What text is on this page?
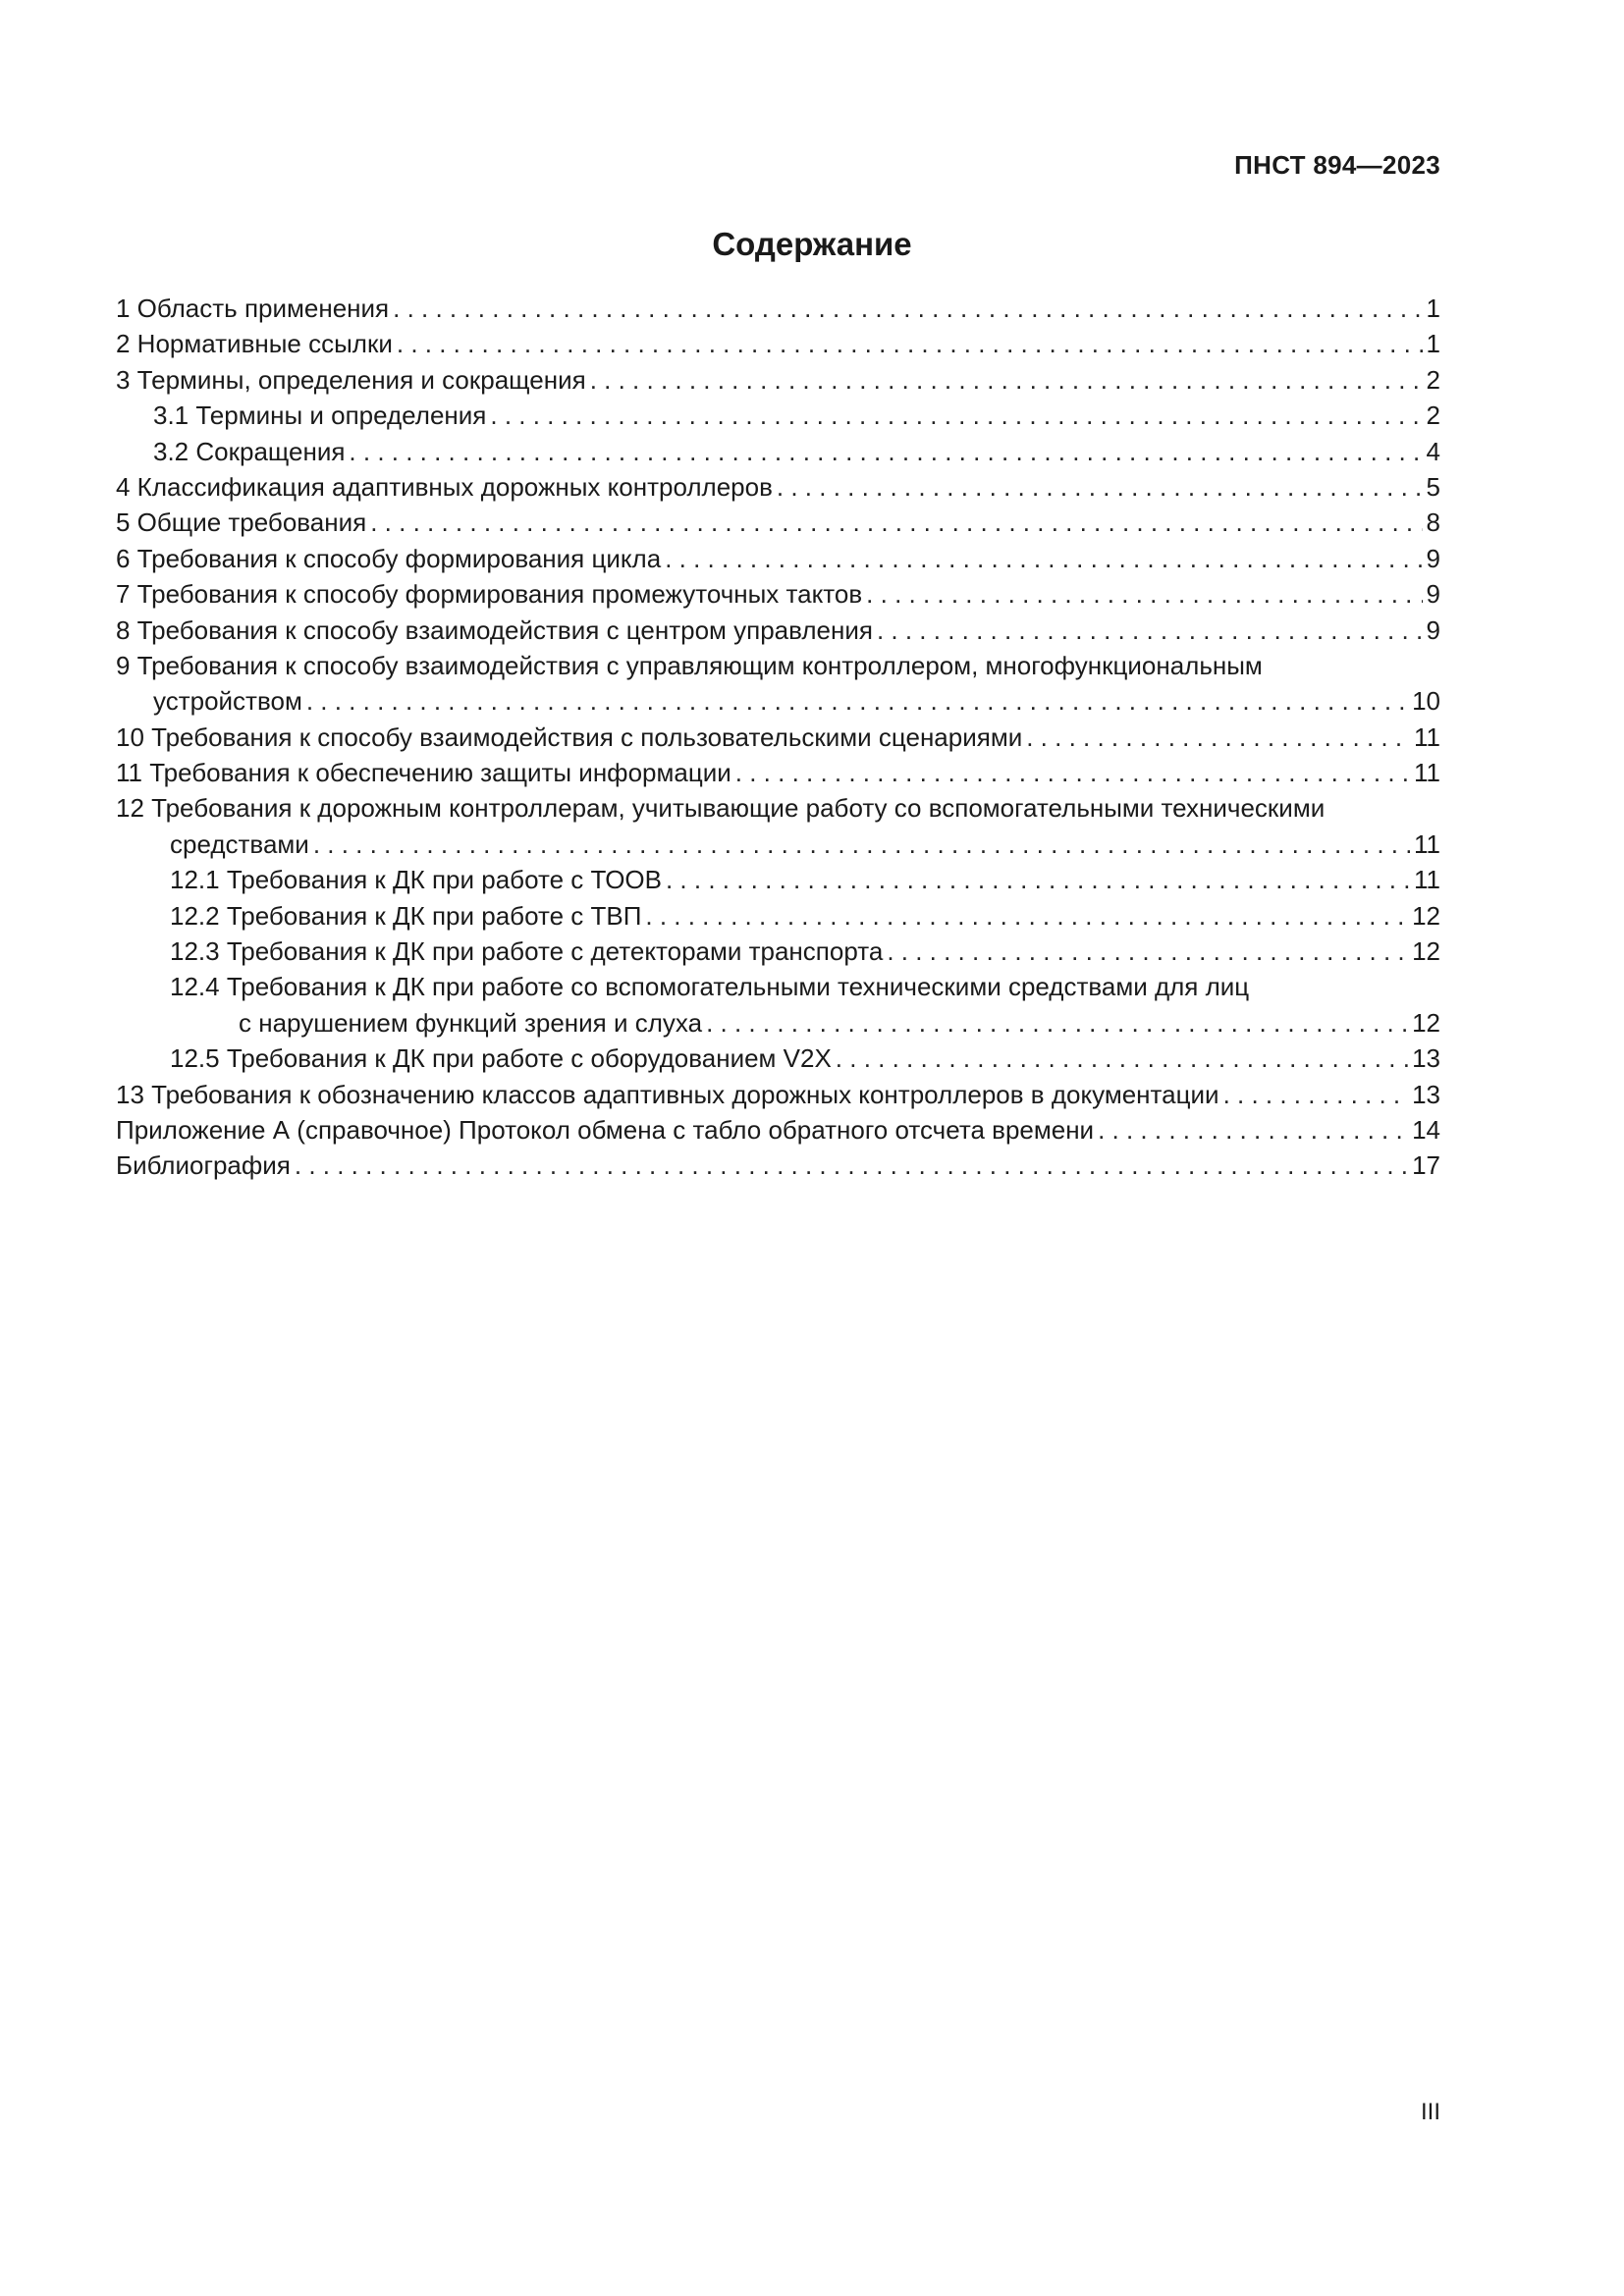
ПНСТ 894—2023
Содержание
1 Область применения . . .	1
2 Нормативные ссылки . . .	1
3 Термины, определения и сокращения . . .	2
3.1 Термины и определения . . .	2
3.2 Сокращения . . .	4
4 Классификация адаптивных дорожных контроллеров . . .	5
5 Общие требования . . .	8
6 Требования к способу формирования цикла . . .	9
7 Требования к способу формирования промежуточных тактов . . .	9
8 Требования к способу взаимодействия с центром управления . . .	9
9 Требования к способу взаимодействия с управляющим контроллером, многофункциональным
устройством . . .	10
10 Требования к способу взаимодействия с пользовательскими сценариями . . .	11
11 Требования к обеспечению защиты информации . . .	11
12 Требования к дорожным контроллерам, учитывающие работу со вспомогательными техническими
средствами . . .	11
12.1 Требования к ДК при работе с ТООВ . . .	11
12.2 Требования к ДК при работе с ТВП . . .	12
12.3 Требования к ДК при работе с детекторами транспорта . . .	12
12.4 Требования к ДК при работе со вспомогательными техническими средствами для лиц
с нарушением функций зрения и слуха . . .	12
12.5 Требования к ДК при работе с оборудованием V2X . . .	13
13 Требования к обозначению классов адаптивных дорожных контроллеров в документации . . .	13
Приложение А (справочное) Протокол обмена с табло обратного отсчета времени . . .	14
Библиография . . .	17
III
